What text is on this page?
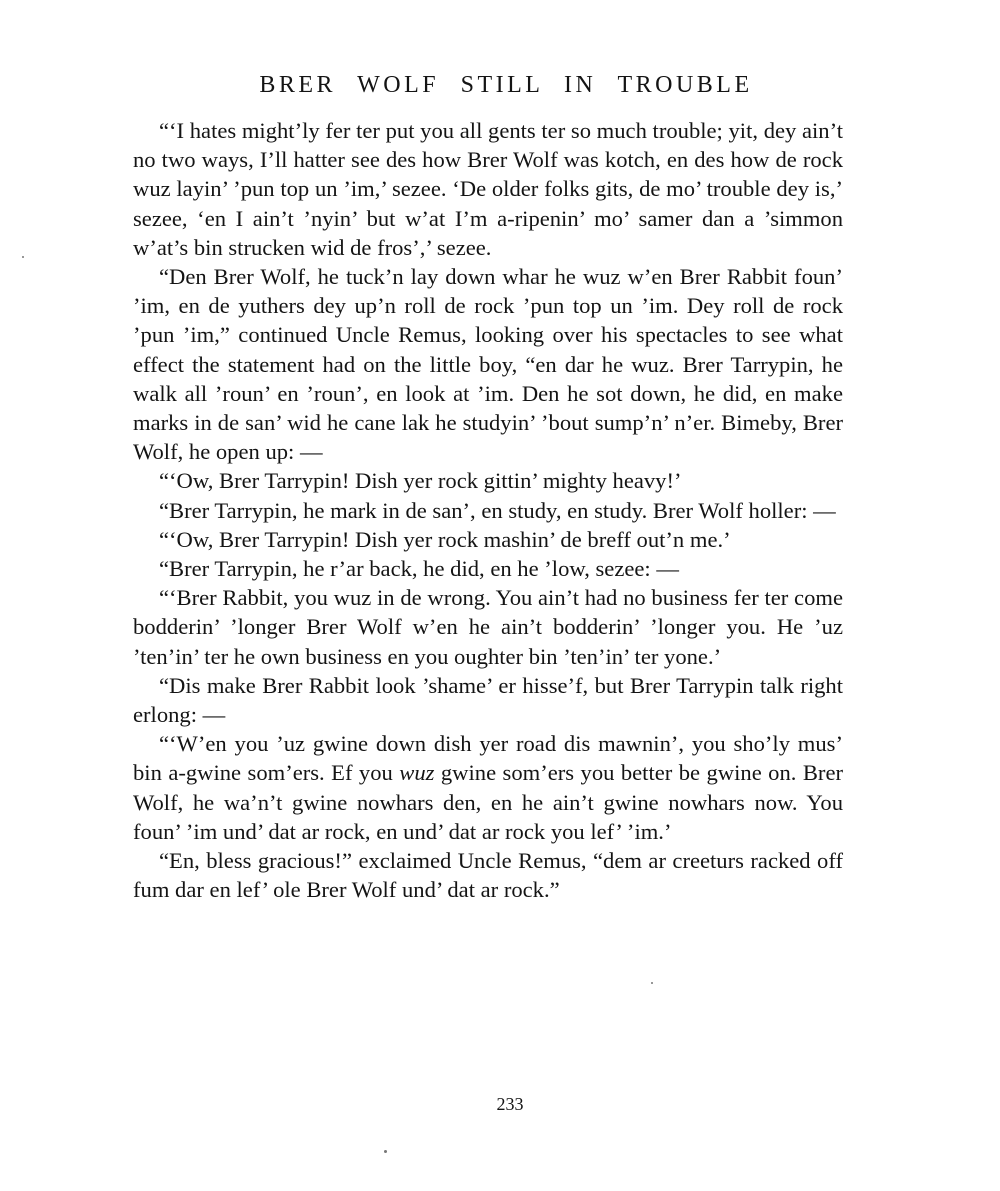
BRER WOLF STILL IN TROUBLE

“‘I hates might’ly fer ter put you all gents ter so much trouble; yit, dey ain’t no two ways, I’ll hatter see des how Brer Wolf was kotch, en des how de rock wuz layin’ ’pun top un ’im,’ sezee. ‘De older folks gits, de mo’ trouble dey is,’ sezee, ‘en I ain’t ’nyin’ but w’at I’m a-ripenin’ mo’ samer dan a ’simmon w’at’s bin strucken wid de fros’,’ sezee.

“Den Brer Wolf, he tuck’n lay down whar he wuz w’en Brer Rabbit foun’ ’im, en de yuthers dey up’n roll de rock ’pun top un ’im. Dey roll de rock ’pun ’im,” continued Uncle Remus, looking over his spectacles to see what effect the statement had on the little boy, “en dar he wuz. Brer Tarrypin, he walk all ’roun’ en ’roun’, en look at ’im. Den he sot down, he did, en make marks in de san’ wid he cane lak he studyin’ ’bout sump’n’ n’er. Bimeby, Brer Wolf, he open up: —

“‘Ow, Brer Tarrypin! Dish yer rock gittin’ mighty heavy!’

“Brer Tarrypin, he mark in de san’, en study, en study. Brer Wolf holler: —

“‘Ow, Brer Tarrypin! Dish yer rock mashin’ de breff out’n me.’

“Brer Tarrypin, he r’ar back, he did, en he ’low, sezee: —

“‘Brer Rabbit, you wuz in de wrong. You ain’t had no business fer ter come bodderin’ ’longer Brer Wolf w’en he ain’t bodderin’ ’longer you. He ’uz ’ten’in’ ter he own business en you oughter bin ’ten’in’ ter yone.’

“Dis make Brer Rabbit look ’shame’ er hisse’f, but Brer Tarrypin talk right erlong: —

“‘W’en you ’uz gwine down dish yer road dis mawnin’, you sho’ly mus’ bin a-gwine som’ers. Ef you wuz gwine som’ers you better be gwine on. Brer Wolf, he wa’n’t gwine nowhars den, en he ain’t gwine nowhars now. You foun’ ’im und’ dat ar rock, en und’ dat ar rock you lef’ ’im.’

“En, bless gracious!” exclaimed Uncle Remus, “dem ar creeturs racked off fum dar en lef’ ole Brer Wolf und’ dat ar rock.”

233
